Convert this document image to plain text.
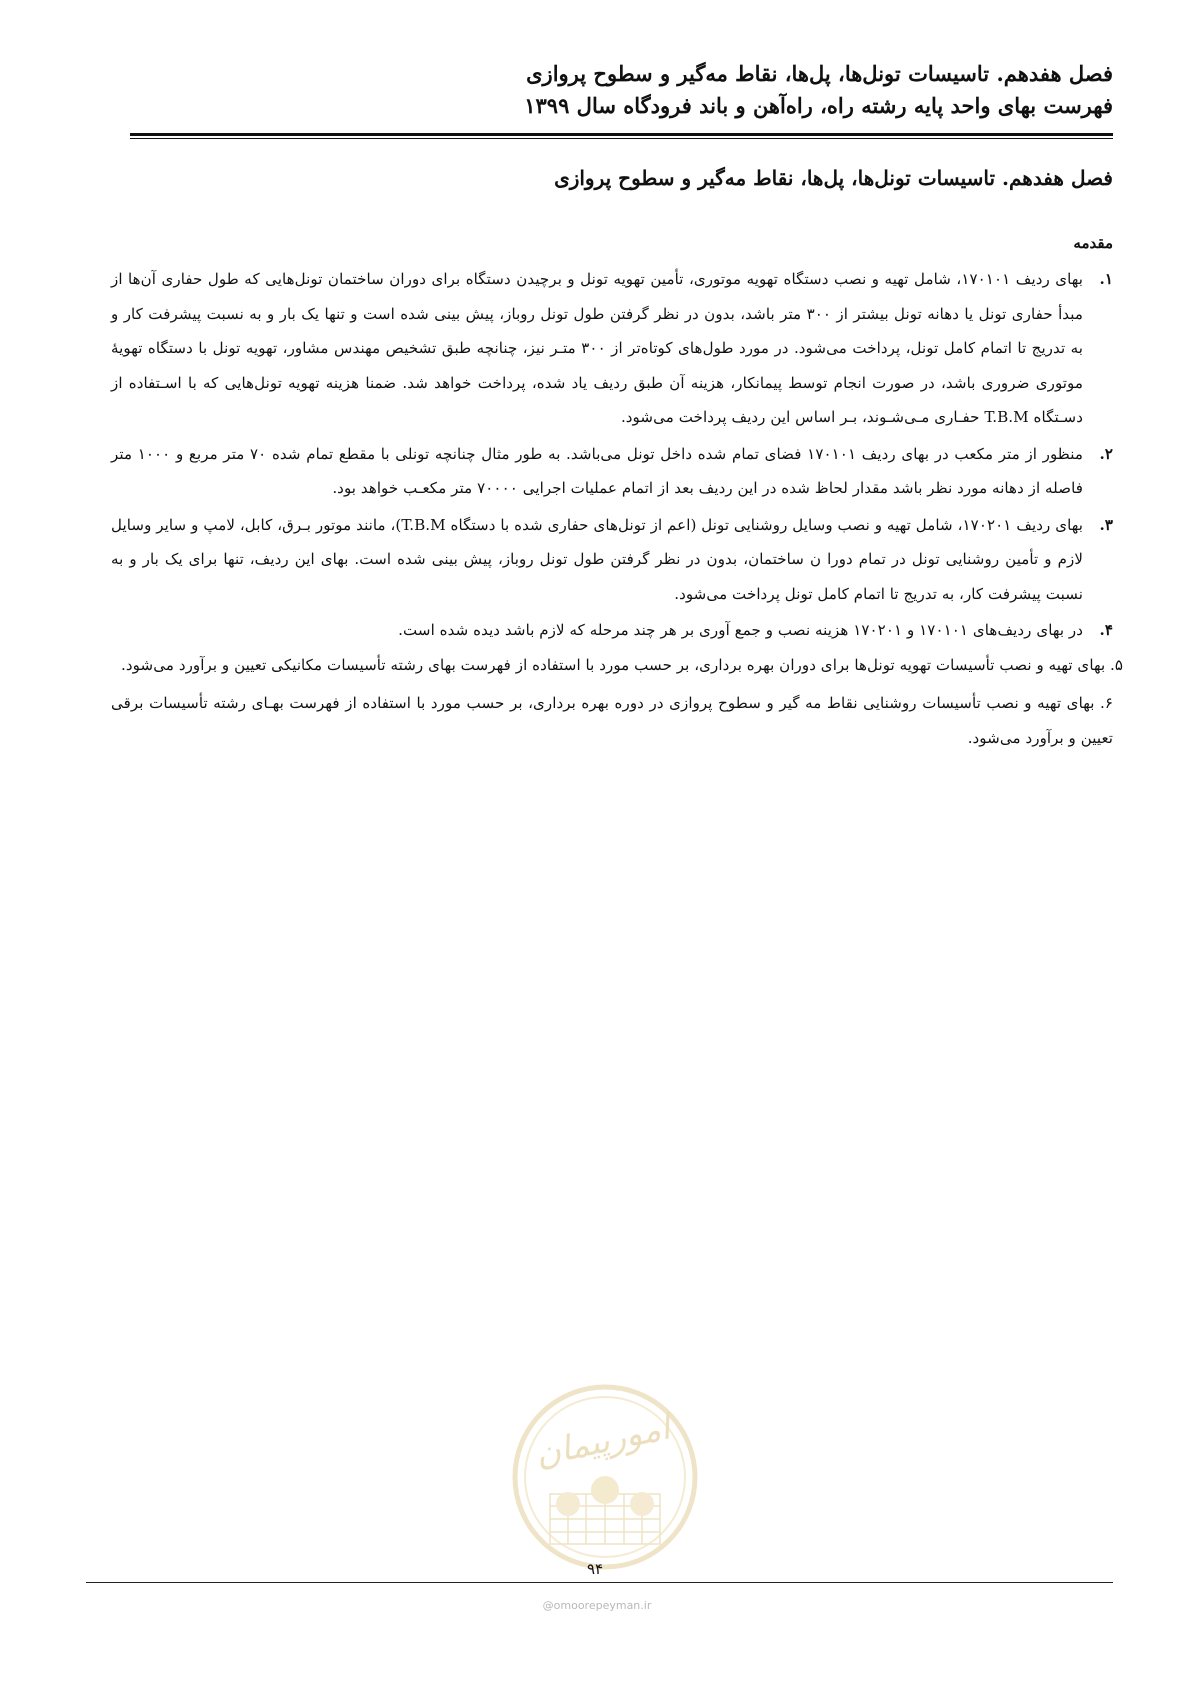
فصل هفدهم. تاسیسات تونل‌ها، پل‌ها، نقاط مه‌گیر و سطوح پروازی
فهرست بهای واحد پایه رشته راه، راه‌آهن و باند فرودگاه سال ۱۳۹۹
فصل هفدهم. تاسیسات تونل‌ها، پل‌ها، نقاط مه‌گیر و سطوح پروازی
مقدمه
۱.
بهای ردیف ۱۷۰۱۰۱، شامل تهیه و نصب دستگاه تهویه موتوری، تأمین تهویه تونل و برچیدن دستگاه برای دوران ساختمان تونل‌هایی که طول حفاری آن‌ها از مبدأ حفاری تونل یا دهانه تونل بیشتر از ۳۰۰ متر باشد، بدون در نظر گرفتن طول تونل روباز، پیش بینی شده است و تنها یک بار و به نسبت پیشرفت کار و به تدریج تا اتمام کامل تونل، پرداخت می‌شود. در مورد طول‌های کوتاه‌تر از ۳۰۰ متـر نیز، چنانچه طبق تشخیص مهندس مشاور، تهویه تونل با دستگاه تهویهٔ موتوری ضروری باشد، در صورت انجام توسط پیمانکار، هزینه آن طبق ردیف یاد شده، پرداخت خواهد شد. ضمنا هزینه تهویه تونل‌هایی که با اسـتفاده از دسـتگاه T.B.M حفـاری مـی‌شـوند، بـر اساس این ردیف پرداخت می‌شود.
۲.
منظور از متر مکعب در بهای ردیف ۱۷۰۱۰۱ فضای تمام شده داخل تونل می‌باشد. به طور مثال چنانچه تونلی با مقطع تمام شده ۷۰ متر مربع و ۱۰۰۰ متر فاصله از دهانه مورد نظر باشد مقدار لحاظ شده در این ردیف بعد از اتمام عملیات اجرایی ۷۰۰۰۰ متر مکعـب خواهد بود.
۳.
بهای ردیف ۱۷۰۲۰۱، شامل تهیه و نصب وسایل روشنایی تونل (اعم از تونل‌های حفاری شده با دستگاه T.B.M)، مانند موتور بـرق، کابل، لامپ و سایر وسایل لازم و تأمین روشنایی تونل در تمام دورا ن ساختمان، بدون در نظر گرفتن طول تونل روباز، پیش بینی شده است. بهای این ردیف، تنها برای یک بار و به نسبت پیشرفت کار، به تدریج تا اتمام کامل تونل پرداخت می‌شود.
۴.
در بهای ردیف‌های ۱۷۰۱۰۱ و ۱۷۰۲۰۱ هزینه نصب و جمع آوری بر هر چند مرحله که لازم باشد دیده شده است.
۵. بهای تهیه و نصب تأسیسات تهویه تونل‌ها برای دوران بهره برداری، بر حسب مورد با استفاده از فهرست بهای رشته تأسیسات مکانیکی تعیین و برآورد می‌شود.
۶. بهای تهیه و نصب تأسیسات روشنایی نقاط مه گیر و سطوح پروازی در دوره بهره برداری، بر حسب مورد با استفاده از فهرست بهـای رشته تأسیسات برقی تعیین و برآورد می‌شود.
امورپیمان
۹۴
@omoorepeyman.ir
